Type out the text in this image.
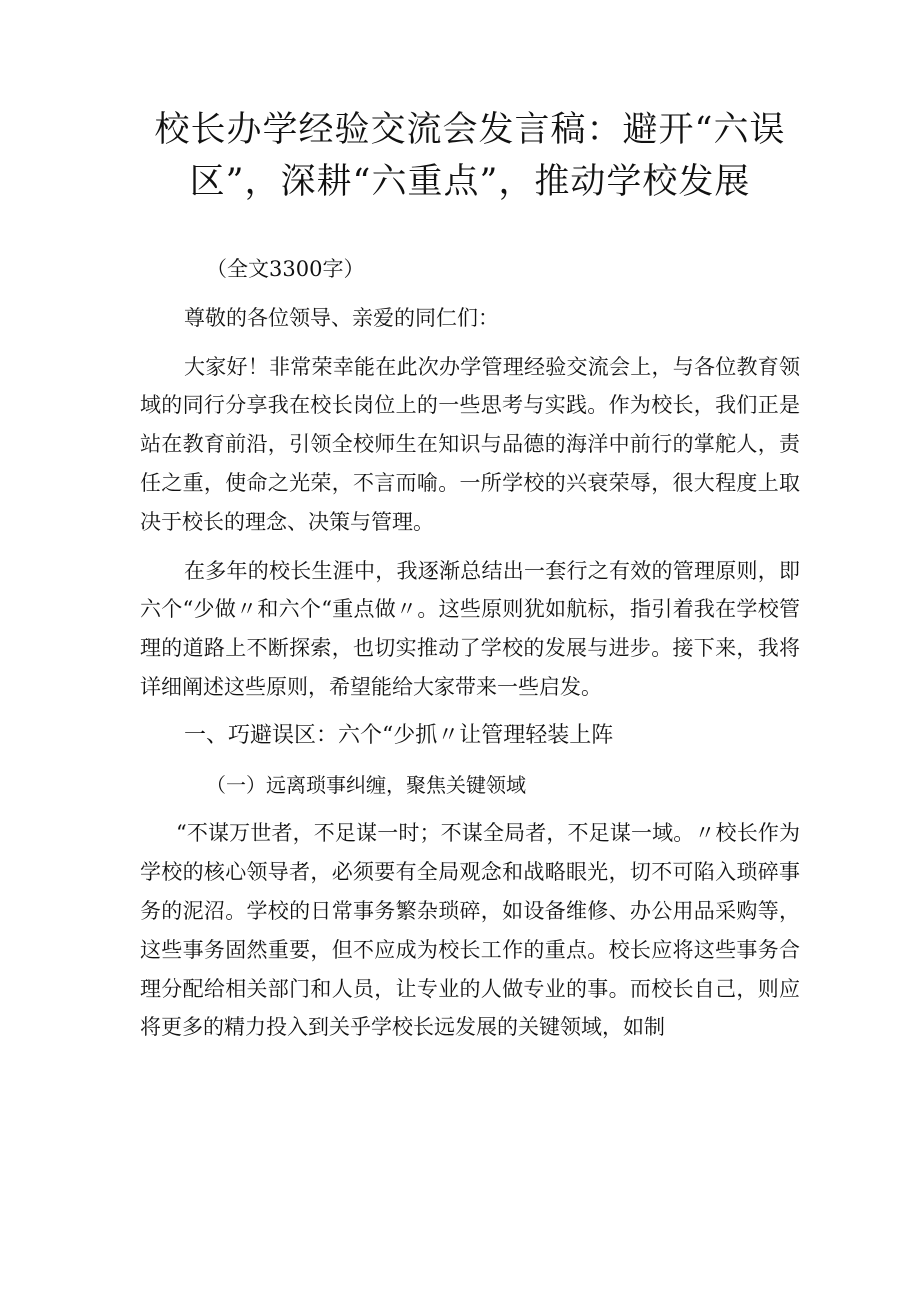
校长办学经验交流会发言稿：避开“六误
区”，深耕“六重点”，推动学校发展

（全文3300字）

尊敬的各位领导、亲爱的同仁们：

大家好！非常荣幸能在此次办学管理经验交流会上，与各位教育领域的同行分享我在校长岗位上的一些思考与实践。作为校长，我们正是站在教育前沿，引领全校师生在知识与品德的海洋中前行的掌舵人，责任之重，使命之光荣，不言而喻。一所学校的兴衰荣辱，很大程度上取决于校长的理念、决策与管理。

在多年的校长生涯中，我逐渐总结出一套行之有效的管理原则，即六个“少做〃和六个“重点做〃。这些原则犹如航标，指引着我在学校管理的道路上不断探索，也切实推动了学校的发展与进步。接下来，我将详细阐述这些原则，希望能给大家带来一些启发。

一、巧避误区：六个“少抓〃让管理轻装上阵

（一）远离琐事纠缠，聚焦关键领域

“不谋万世者，不足谋一时；不谋全局者，不足谋一域。〃校长作为学校的核心领导者，必须要有全局观念和战略眼光，切不可陷入琐碎事务的泥沼。学校的日常事务繁杂琐碎，如设备维修、办公用品采购等，这些事务固然重要，但不应成为校长工作的重点。校长应将这些事务合理分配给相关部门和人员，让专业的人做专业的事。而校长自己，则应将更多的精力投入到关乎学校长远发展的关键领域，如制
